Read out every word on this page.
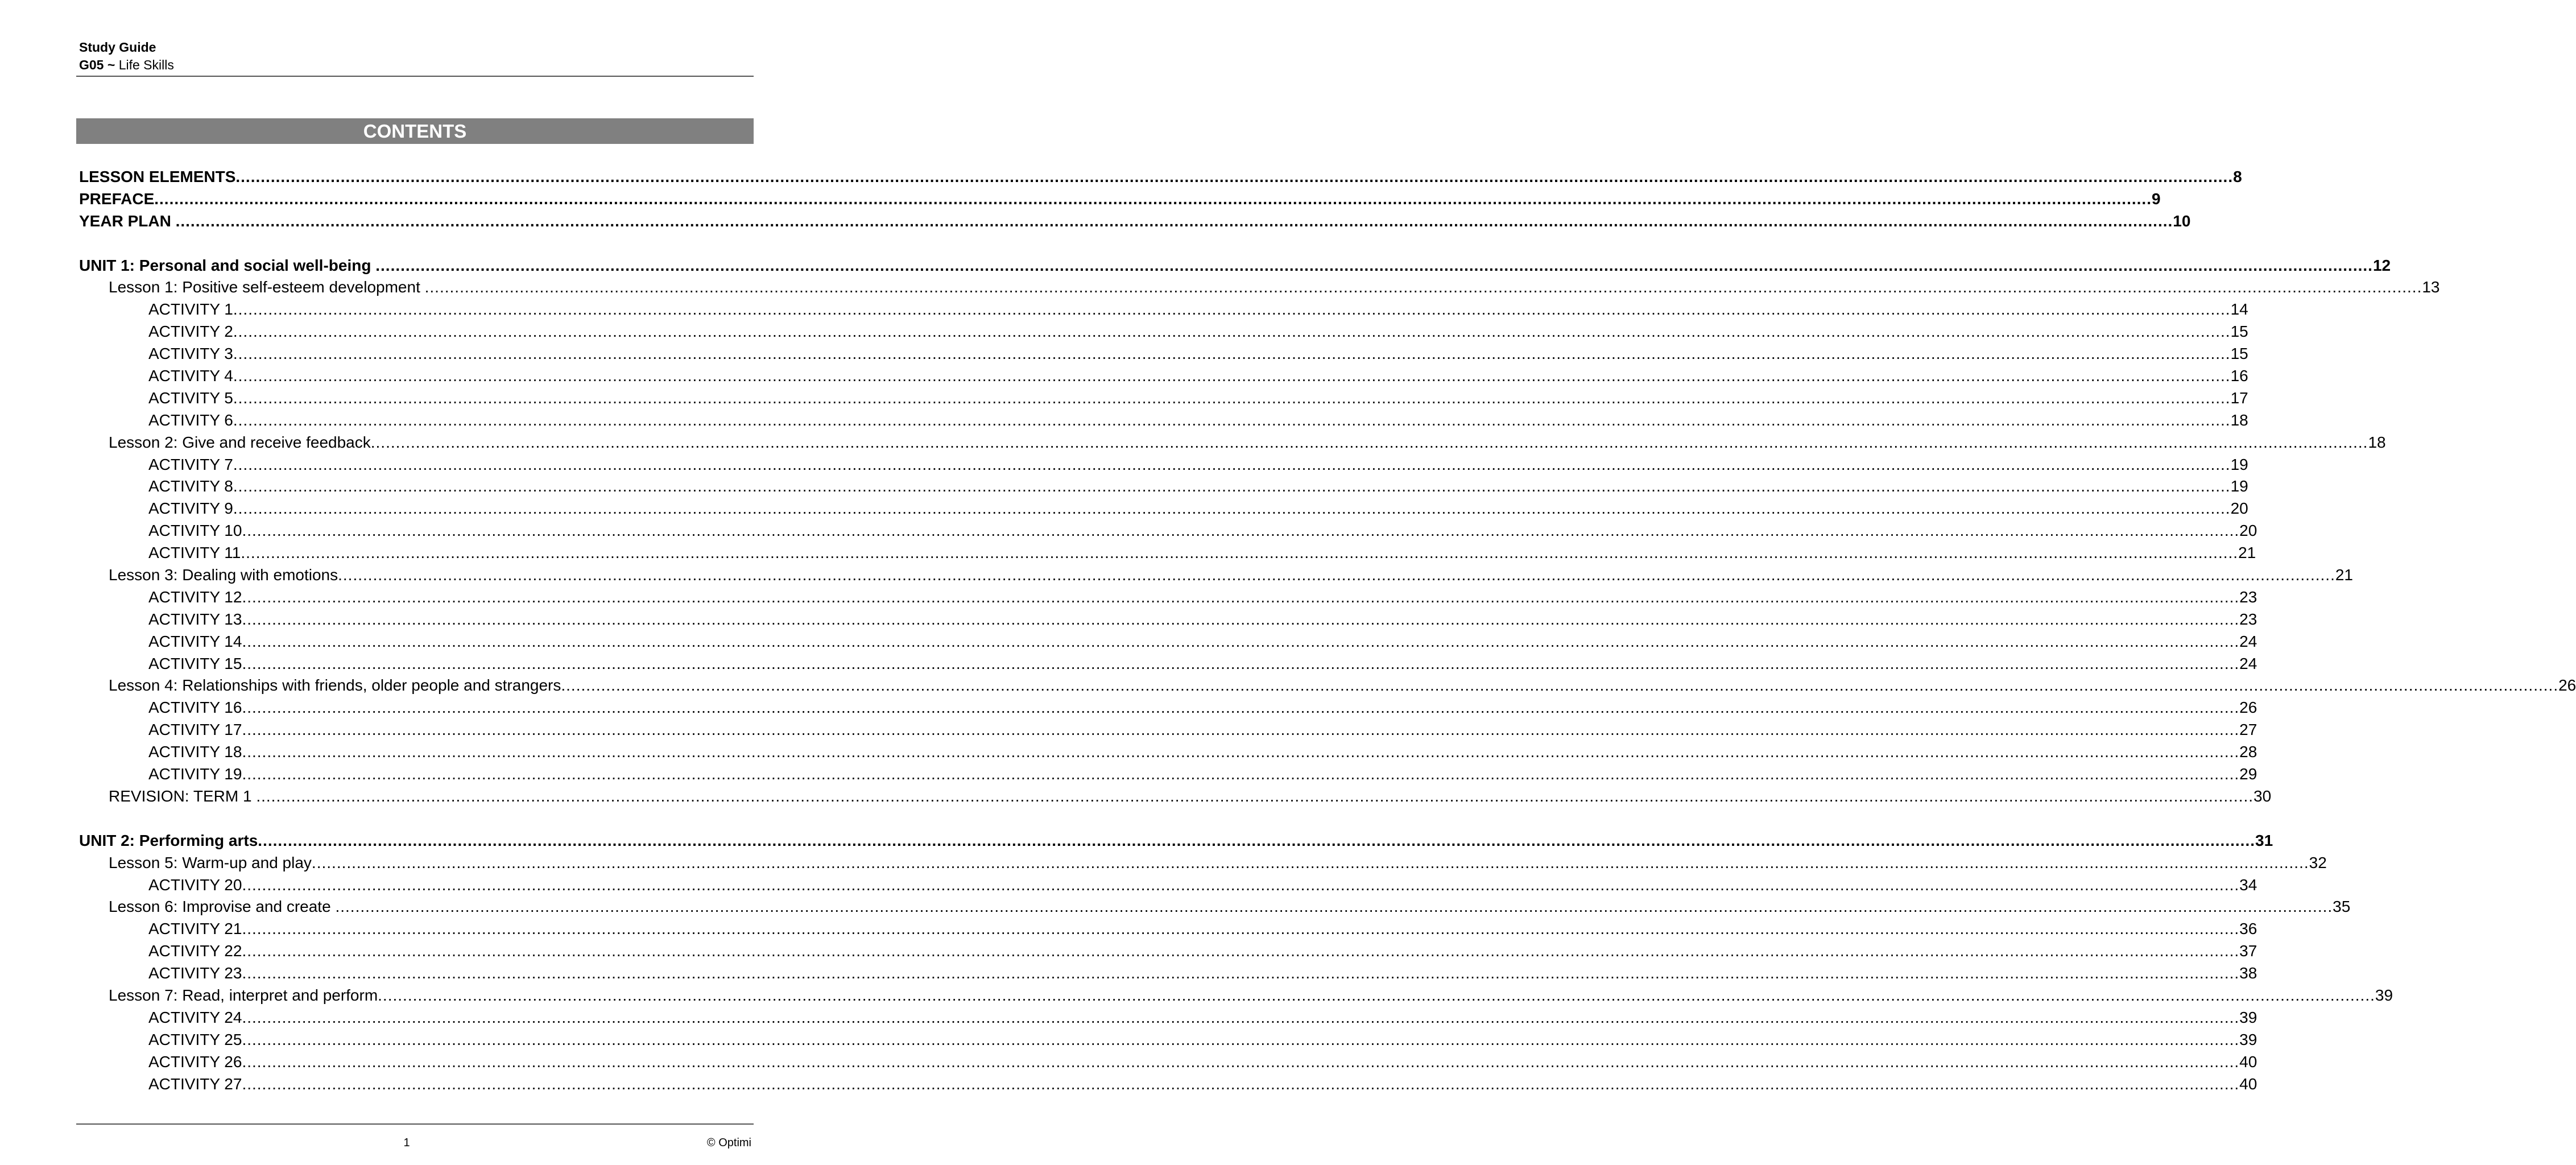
Study Guide
G05 ~ Life Skills
CONTENTS
LESSON ELEMENTS ................................................................................................................................................................................................................................................................................................................................................................................................................ 8
PREFACE ................................................................................................................................................................................................................................................................................................................................................................................................................ 9
YEAR PLAN ................................................................................................................................................................................................................................................................................................................................................................................................................ 10
UNIT 1: Personal and social well-being ................................................................................................................................................................................................................................................................................................................................................................................................................ 12
Lesson 1: Positive self-esteem development ................................................................................................................................................................................................................................................................................................................................................................................................................ 13
ACTIVITY 1 ................................................................................................................................................................................................................................................................................................................................................................................................................ 14
ACTIVITY 2 ................................................................................................................................................................................................................................................................................................................................................................................................................ 15
ACTIVITY 3 ................................................................................................................................................................................................................................................................................................................................................................................................................ 15
ACTIVITY 4 ................................................................................................................................................................................................................................................................................................................................................................................................................ 16
ACTIVITY 5 ................................................................................................................................................................................................................................................................................................................................................................................................................ 17
ACTIVITY 6 ................................................................................................................................................................................................................................................................................................................................................................................................................ 18
Lesson 2: Give and receive feedback ................................................................................................................................................................................................................................................................................................................................................................................................................ 18
ACTIVITY 7 ................................................................................................................................................................................................................................................................................................................................................................................................................ 19
ACTIVITY 8 ................................................................................................................................................................................................................................................................................................................................................................................................................ 19
ACTIVITY 9 ................................................................................................................................................................................................................................................................................................................................................................................................................ 20
ACTIVITY 10 ................................................................................................................................................................................................................................................................................................................................................................................................................ 20
ACTIVITY 11 ................................................................................................................................................................................................................................................................................................................................................................................................................ 21
Lesson 3: Dealing with emotions ................................................................................................................................................................................................................................................................................................................................................................................................................ 21
ACTIVITY 12 ................................................................................................................................................................................................................................................................................................................................................................................................................ 23
ACTIVITY 13 ................................................................................................................................................................................................................................................................................................................................................................................................................ 23
ACTIVITY 14 ................................................................................................................................................................................................................................................................................................................................................................................................................ 24
ACTIVITY 15 ................................................................................................................................................................................................................................................................................................................................................................................................................ 24
Lesson 4: Relationships with friends, older people and strangers ................................................................................................................................................................................................................................................................................................................................................................................................................ 26
ACTIVITY 16 ................................................................................................................................................................................................................................................................................................................................................................................................................ 26
ACTIVITY 17 ................................................................................................................................................................................................................................................................................................................................................................................................................ 27
ACTIVITY 18 ................................................................................................................................................................................................................................................................................................................................................................................................................ 28
ACTIVITY 19 ................................................................................................................................................................................................................................................................................................................................................................................................................ 29
REVISION: TERM 1 ................................................................................................................................................................................................................................................................................................................................................................................................................ 30
UNIT 2: Performing arts ................................................................................................................................................................................................................................................................................................................................................................................................................ 31
Lesson 5: Warm-up and play ................................................................................................................................................................................................................................................................................................................................................................................................................ 32
ACTIVITY 20 ................................................................................................................................................................................................................................................................................................................................................................................................................ 34
Lesson 6: Improvise and create ................................................................................................................................................................................................................................................................................................................................................................................................................ 35
ACTIVITY 21 ................................................................................................................................................................................................................................................................................................................................................................................................................ 36
ACTIVITY 22 ................................................................................................................................................................................................................................................................................................................................................................................................................ 37
ACTIVITY 23 ................................................................................................................................................................................................................................................................................................................................................................................................................ 38
Lesson 7: Read, interpret and perform ................................................................................................................................................................................................................................................................................................................................................................................................................ 39
ACTIVITY 24 ................................................................................................................................................................................................................................................................................................................................................................................................................ 39
ACTIVITY 25 ................................................................................................................................................................................................................................................................................................................................................................................................................ 39
ACTIVITY 26 ................................................................................................................................................................................................................................................................................................................................................................................................................ 40
ACTIVITY 27 ................................................................................................................................................................................................................................................................................................................................................................................................................ 40
1	© Optimi
